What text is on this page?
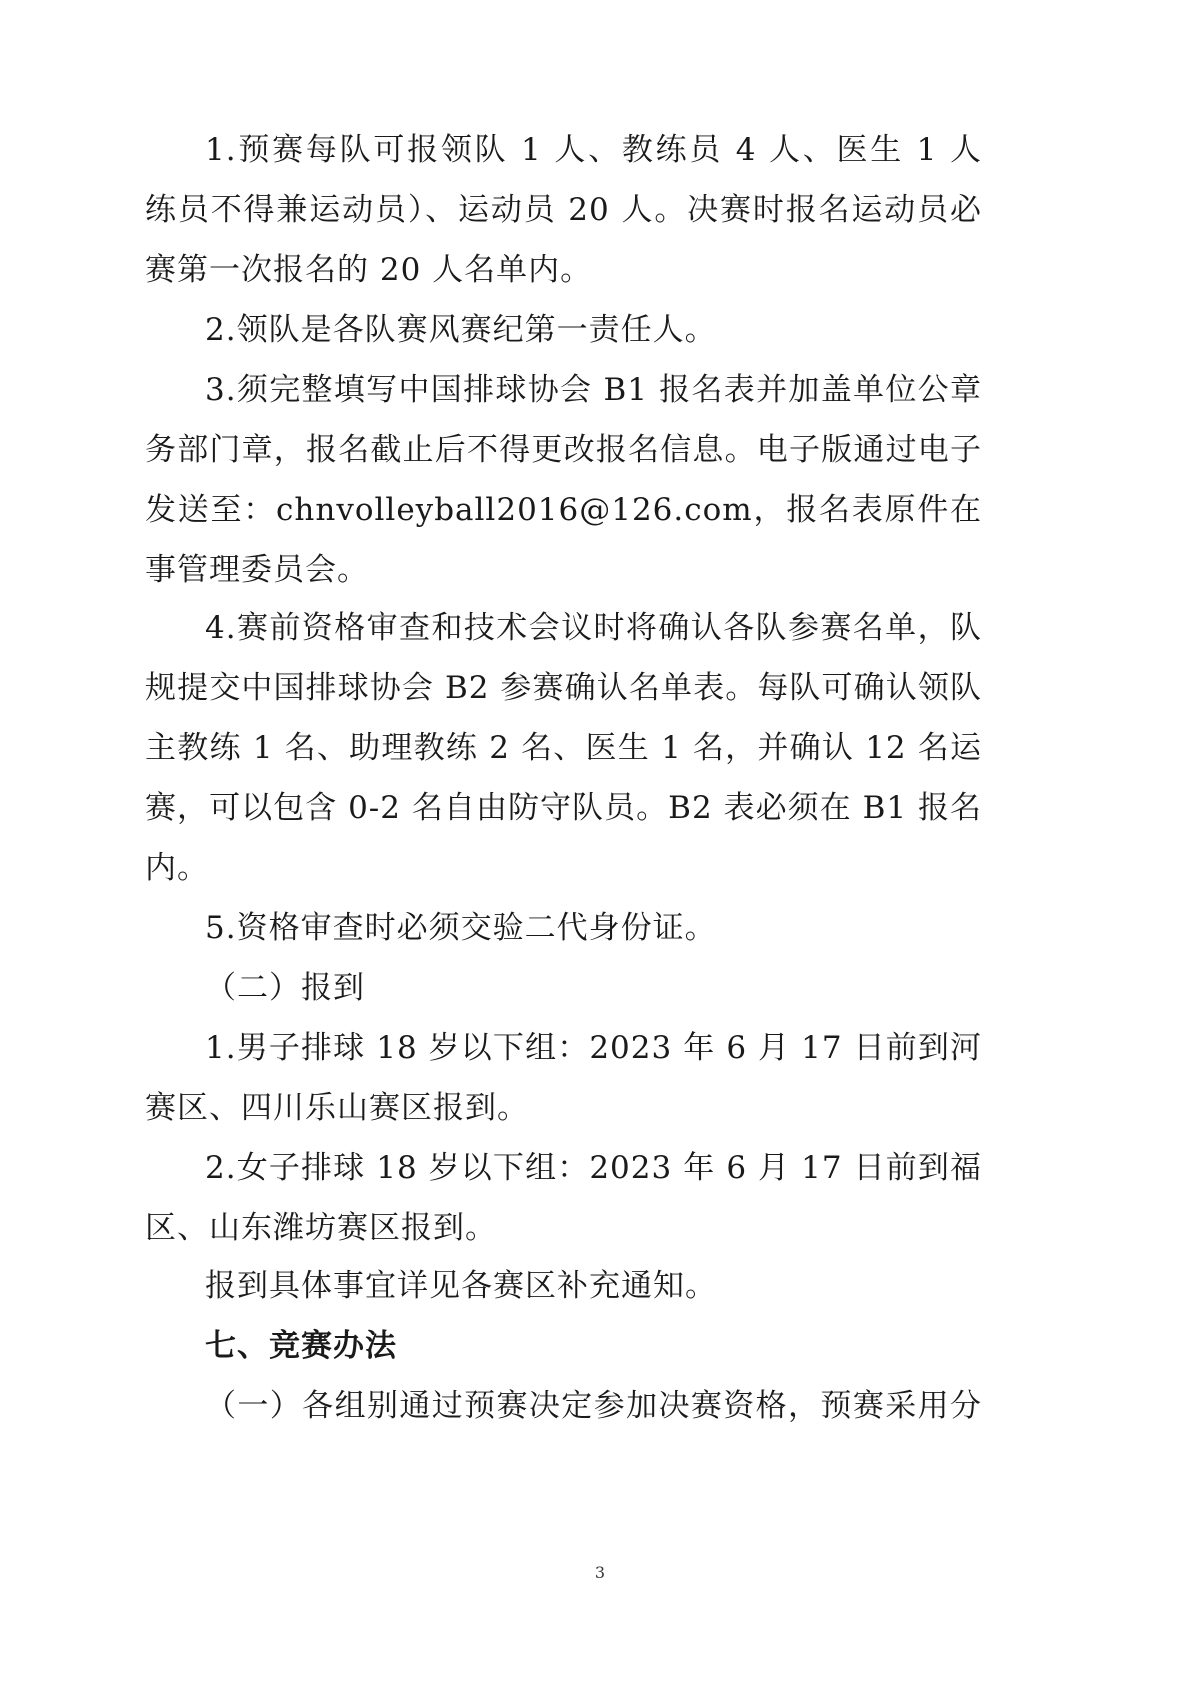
1.预赛每队可报领队 1 人、教练员 4 人、医生 1 人
练员不得兼运动员）、运动员 20 人。决赛时报名运动员必
赛第一次报名的 20 人名单内。
2.领队是各队赛风赛纪第一责任人。
3.须完整填写中国排球协会 B1 报名表并加盖单位公章
务部门章，报名截止后不得更改报名信息。电子版通过电子
发送至：chnvolleyball2016@126.com，报名表原件在
事管理委员会。
4.赛前资格审查和技术会议时将确认各队参赛名单，队
规提交中国排球协会 B2 参赛确认名单表。每队可确认领队
主教练 1 名、助理教练 2 名、医生 1 名，并确认 12 名运
赛，可以包含 0-2 名自由防守队员。B2 表必须在 B1 报名
内。
5.资格审查时必须交验二代身份证。
（二）报到
1.男子排球 18 岁以下组：2023 年 6 月 17 日前到河
赛区、四川乐山赛区报到。
2.女子排球 18 岁以下组：2023 年 6 月 17 日前到福
区、山东潍坊赛区报到。
报到具体事宜详见各赛区补充通知。
七、竞赛办法
（一）各组别通过预赛决定参加决赛资格，预赛采用分
3
